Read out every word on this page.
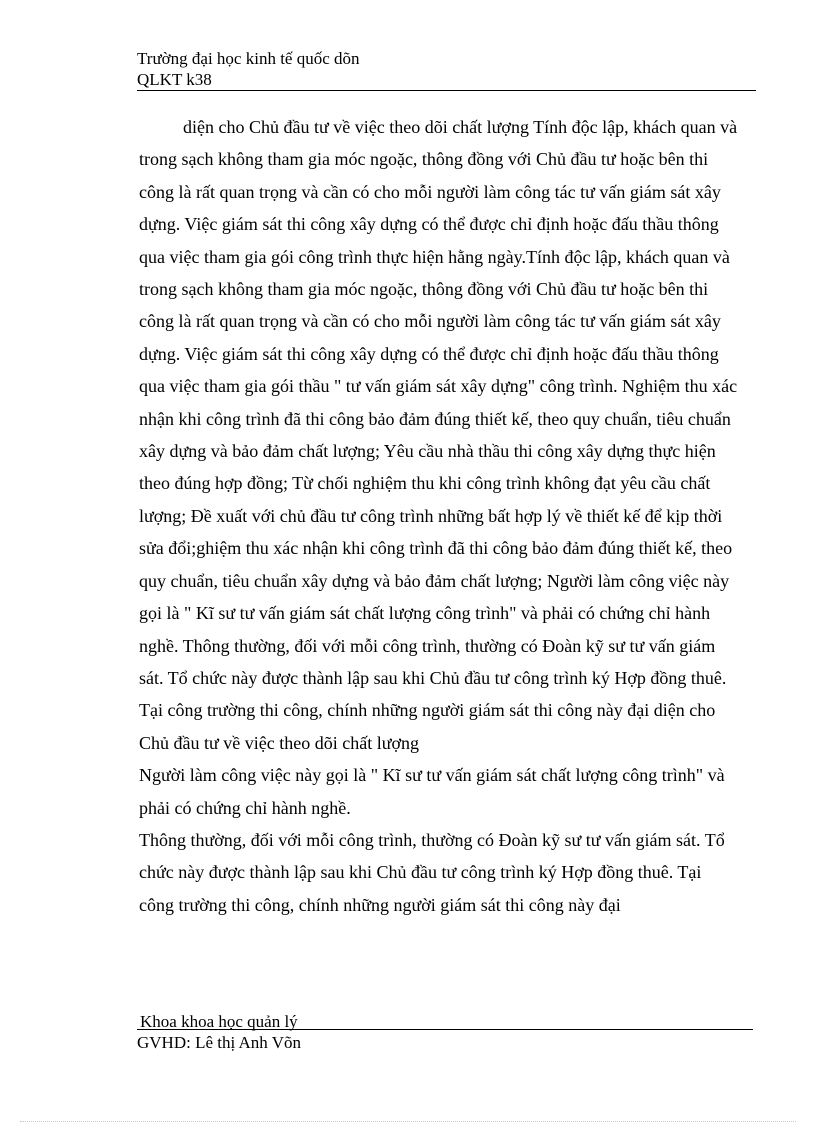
Trường đại học kinh tế quốc dõn
QLKT k38

diện cho Chủ đầu tư về việc theo dõi chất lượng Tính độc lập, khách quan và trong sạch không tham gia móc ngoặc, thông đồng với Chủ đầu tư hoặc bên thi công là rất quan trọng và cần có cho mỗi người làm công tác tư vấn giám sát xây dựng. Việc giám sát thi công xây dựng có thể được chỉ định hoặc đấu thầu thông qua việc tham gia gói công trình thực hiện hằng ngày.Tính độc lập, khách quan và trong sạch không tham gia móc ngoặc, thông đồng với Chủ đầu tư hoặc bên thi công là rất quan trọng và cần có cho mỗi người làm công tác tư vấn giám sát xây dựng. Việc giám sát thi công xây dựng có thể được chỉ định hoặc đấu thầu thông qua việc tham gia gói thầu " tư vấn giám sát xây dựng" công trình. Nghiệm thu xác nhận khi công trình đã thi công bảo đảm đúng thiết kế, theo quy chuẩn, tiêu chuẩn xây dựng và bảo đảm chất lượng; Yêu cầu nhà thầu thi công xây dựng thực hiện theo đúng hợp đồng; Từ chối nghiệm thu khi công trình không đạt yêu cầu chất lượng; Đề xuất với chủ đầu tư công trình những bất hợp lý về thiết kế để kịp thời sửa đổi;ghiệm thu xác nhận khi công trình đã thi công bảo đảm đúng thiết kế, theo quy chuẩn, tiêu chuẩn xây dựng và bảo đảm chất lượng; Người làm công việc này gọi là " Kĩ sư tư vấn giám sát chất lượng công trình" và phải có chứng chỉ hành nghề. Thông thường, đối với mỗi công trình, thường có Đoàn kỹ sư tư vấn giám sát. Tổ chức này được thành lập sau khi Chủ đầu tư công trình ký Hợp đồng thuê. Tại công trường thi công, chính những người giám sát thi công này đại diện cho Chủ đầu tư về việc theo dõi chất lượng

Người làm công việc này gọi là " Kĩ sư tư vấn giám sát chất lượng công trình" và phải có chứng chỉ hành nghề.

Thông thường, đối với mỗi công trình, thường có Đoàn kỹ sư tư vấn giám sát. Tổ chức này được thành lập sau khi Chủ đầu tư công trình ký Hợp đồng thuê. Tại công trường thi công, chính những người giám sát thi công này đại

Khoa khoa học quản lý
GVHD: Lê thị Anh Võn
